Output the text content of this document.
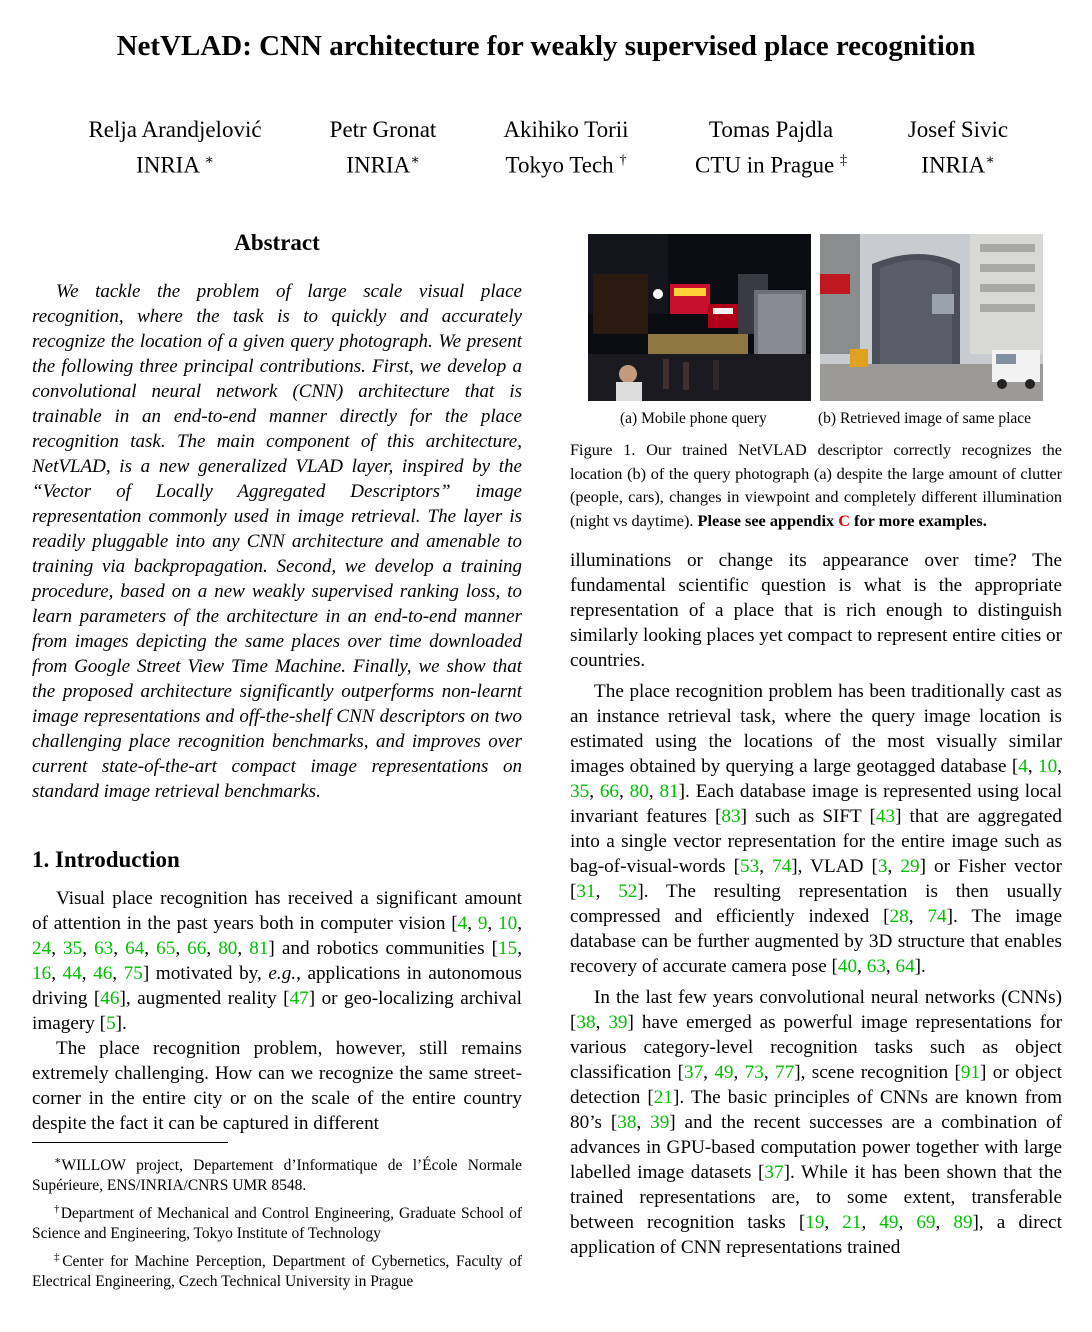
NetVLAD: CNN architecture for weakly supervised place recognition
Relja Arandjelović
INRIA ∗
Petr Gronat
INRIA∗
Akihiko Torii
Tokyo Tech †
Tomas Pajdla
CTU in Prague ‡
Josef Sivic
INRIA∗
Abstract

We tackle the problem of large scale visual place recognition, where the task is to quickly and accurately recognize the location of a given query photograph. We present the following three principal contributions. First, we develop a convolutional neural network (CNN) architecture that is trainable in an end-to-end manner directly for the place recognition task. The main component of this architecture, NetVLAD, is a new generalized VLAD layer, inspired by the “Vector of Locally Aggregated Descriptors” image representation commonly used in image retrieval. The layer is readily pluggable into any CNN architecture and amenable to training via backpropagation. Second, we develop a training procedure, based on a new weakly supervised ranking loss, to learn parameters of the architecture in an end-to-end manner from images depicting the same places over time downloaded from Google Street View Time Machine. Finally, we show that the proposed architecture significantly outperforms non-learnt image representations and off-the-shelf CNN descriptors on two challenging place recognition benchmarks, and improves over current state-of-the-art compact image representations on standard image retrieval benchmarks.

1. Introduction

Visual place recognition has received a significant amount of attention in the past years both in computer vision [4, 9, 10, 24, 35, 63, 64, 65, 66, 80, 81] and robotics communities [15, 16, 44, 46, 75] motivated by, e.g., applications in autonomous driving [46], augmented reality [47] or geo-localizing archival imagery [5].

The place recognition problem, however, still remains extremely challenging. How can we recognize the same street-corner in the entire city or on the scale of the entire country despite the fact it can be captured in different

∗WILLOW project, Departement d’Informatique de l’École Normale Supérieure, ENS/INRIA/CNRS UMR 8548.

†Department of Mechanical and Control Engineering, Graduate School of Science and Engineering, Tokyo Institute of Technology

‡Center for Machine Perception, Department of Cybernetics, Faculty of Electrical Engineering, Czech Technical University in Prague

(a) Mobile phone query	(b) Retrieved image of same place

Figure 1. Our trained NetVLAD descriptor correctly recognizes the location (b) of the query photograph (a) despite the large amount of clutter (people, cars), changes in viewpoint and completely different illumination (night vs daytime). Please see appendix C for more examples.

illuminations or change its appearance over time? The fundamental scientific question is what is the appropriate representation of a place that is rich enough to distinguish similarly looking places yet compact to represent entire cities or countries.

The place recognition problem has been traditionally cast as an instance retrieval task, where the query image location is estimated using the locations of the most visually similar images obtained by querying a large geotagged database [4, 10, 35, 66, 80, 81]. Each database image is represented using local invariant features [83] such as SIFT [43] that are aggregated into a single vector representation for the entire image such as bag-of-visual-words [53, 74], VLAD [3, 29] or Fisher vector [31, 52]. The resulting representation is then usually compressed and efficiently indexed [28, 74]. The image database can be further augmented by 3D structure that enables recovery of accurate camera pose [40, 63, 64].

In the last few years convolutional neural networks (CNNs) [38, 39] have emerged as powerful image representations for various category-level recognition tasks such as object classification [37, 49, 73, 77], scene recognition [91] or object detection [21]. The basic principles of CNNs are known from 80’s [38, 39] and the recent successes are a combination of advances in GPU-based computation power together with large labelled image datasets [37]. While it has been shown that the trained representations are, to some extent, transferable between recognition tasks [19, 21, 49, 69, 89], a direct application of CNN representations trained
